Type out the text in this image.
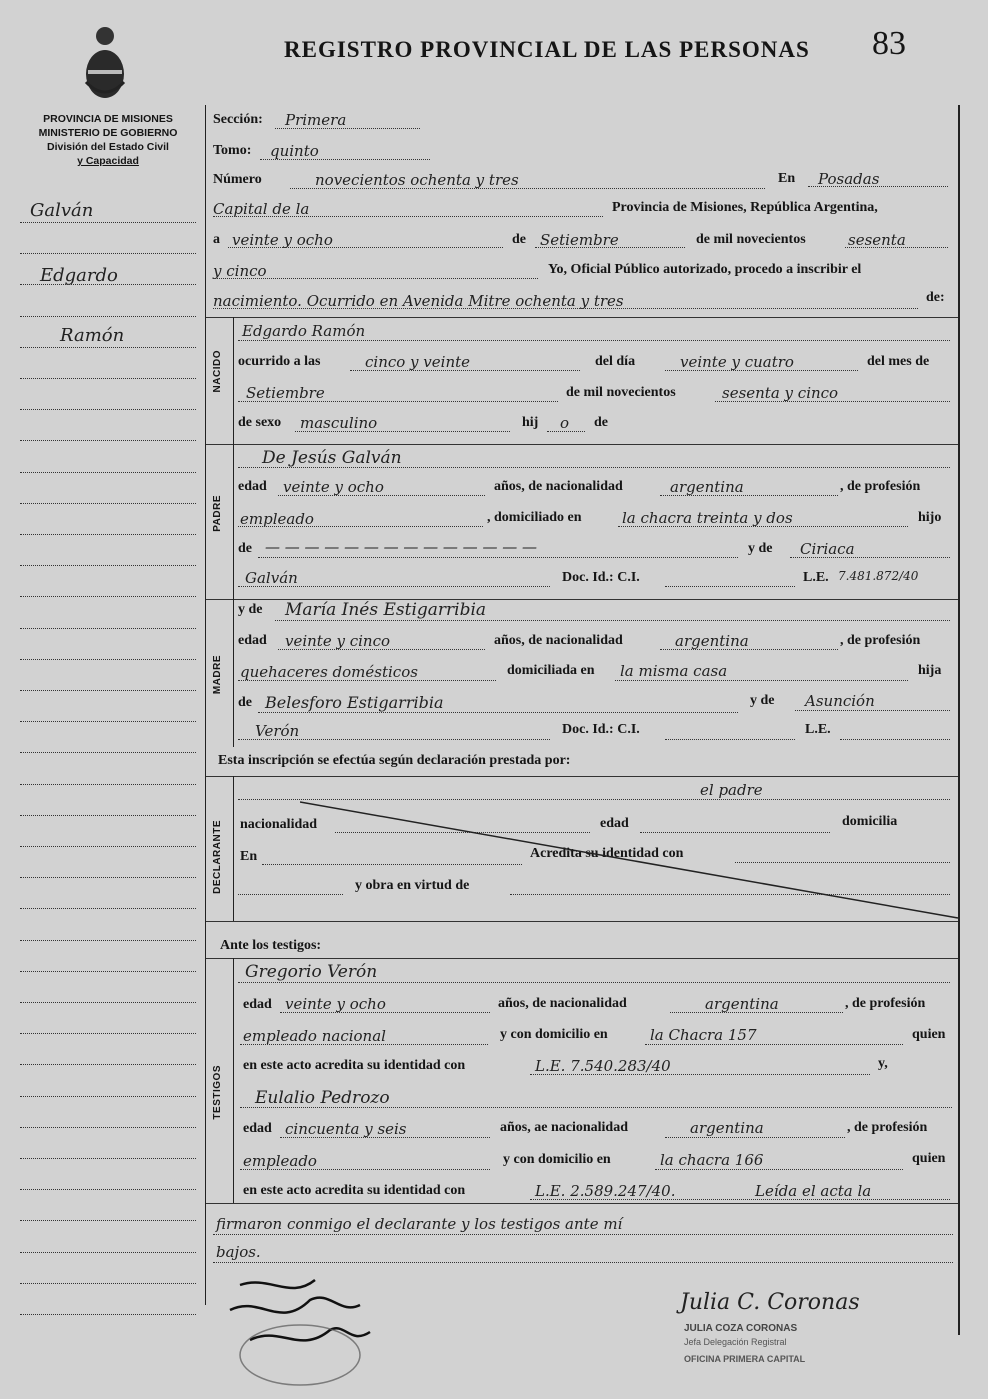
REGISTRO PROVINCIAL DE LAS PERSONAS 83
PROVINCIA DE MISIONES
MINISTERIO DE GOBIERNO
División del Estado Civil
y Capacidad
Galván
Edgardo
Ramón
Sección: Primera
Tomo: quinto
Número	novecientos ochenta y tres	En Posadas
Capital de la	Provincia de Misiones, República Argentina,
a veinte y ocho	de Setiembre	de mil novecientos	sesenta
y cinco	Yo, Oficial Público autorizado, procedo a inscribir el
nacimiento. Ocurrido en Avenida Mitre ochenta y tres	de:
NACIDO
Edgardo Ramón
ocurrido a las	cinco y veinte	del día	veinte y cuatro	del mes de
Setiembre	de mil novecientos	sesenta y cinco
de sexo masculino	hij o de
PADRE
De Jesús Galván
edad veinte y ocho	años, de nacionalidad	argentina	, de profesión
empleado	, domiciliado en	la chacra treinta y dos	hijo
de — — — — — — — — — — — — — —	y de Ciriaca
Galván	Doc. Id.: C.I.	L.E. 7.481.872/40
MADRE
y de María Inés Estigarribia
edad veinte y cinco	años, de nacionalidad	argentina	, de profesión
quehaceres domésticos	domiciliada en la misma casa	hija
de Belesforo Estigarribia	y de Asunción
Verón	Doc. Id.: C.I.	L.E.
Esta inscripción se efectúa según declaración prestada por:
DECLARANTE
el padre
nacionalidad	edad	domicilia
En	Acredita su identidad con
y obra en virtud de
Ante los testigos:
TESTIGOS
Gregorio Verón
edad veinte y ocho	años, de nacionalidad	argentina	, de profesión
empleado nacional	y con domicilio en	la Chacra 157	quien
en este acto acredita su identidad con	L.E. 7.540.283/40	y,
Eulalio Pedrozo
edad cincuenta y seis	años, ae nacionalidad	argentina	, de profesión
empleado	y con domicilio en	la chacra 166	quien
en este acto acredita su identidad con	L.E. 2.589.247/40.	Leída el acta la
firmaron conmigo el declarante y los testigos ante mí
bajos.
Julia C. Coronas
JULIA COZA CORONAS
Jefa Delegación Registral
OFICINA PRIMERA CAPITAL
